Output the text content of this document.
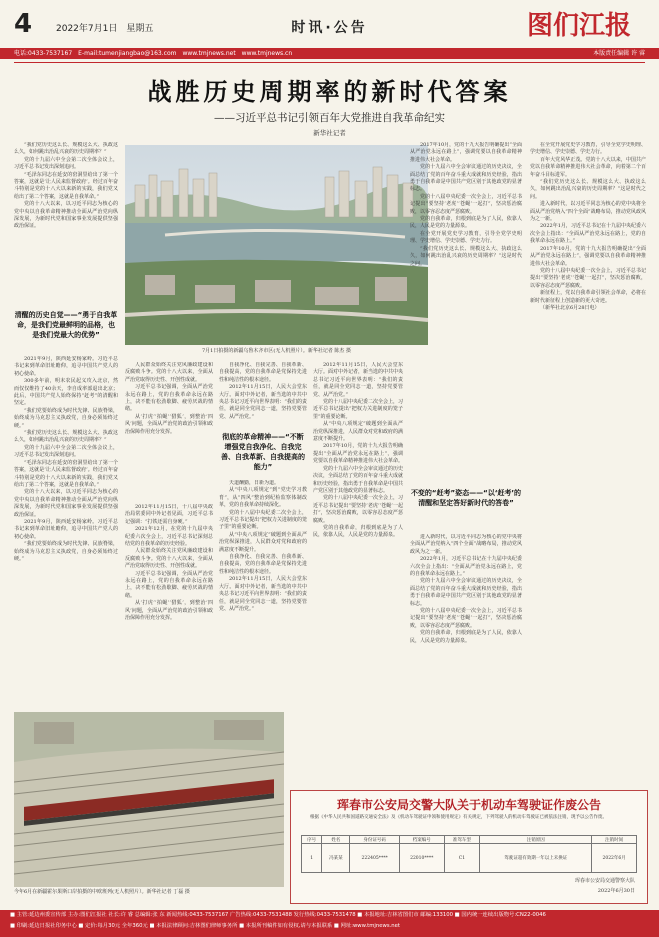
4	2022年7月1日　星期五	时讯·公告	图们江报
电话:0433-7537167　E-mail:tumenjiangbao@163.com　www.tmjnews.net　www.tmjnews.cn	本版责任编辑 许 睿
战胜历史周期率的新时代答案
——习近平总书记引领百年大党推进自我革命纪实
新华社记者

“我们党历史这么长、规模这么大、执政这么久，如何跳出治乱兴衰的历史周期率？”

党的十九届六中全会第二次全体会议上，习近平总书记发出深刻追问。

“毛泽东同志在延安的窑洞里给出了第一个答案，这就是‘让人民来监督政府’。经过百年奋斗特别是党的十八大以来新的实践，我们党又给出了第二个答案，这就是自我革命。”

党的十八大以来，以习近平同志为核心的党中央以自我革命精神推动全面从严治党向纵深发展，为新时代党和国家事业发展提供坚强政治保证。

清醒的历史自觉——“勇于自我革命，是我们党最鲜明的品格，也是我们党最大的优势”

2021年9月，陕西延安杨家岭。习近平总书记来到革命旧址瞻仰，追寻中国共产党人的初心使命。

300多年前，明末农民起义攻入北京，然而仅仅维持了40余天，李自成率部退出北京；此后，中国共产党人始终保持“赶考”的清醒和坚定。

“我们党要始终成为时代先锋、民族脊梁，始终成为马克思主义执政党，自身必须始终过硬。”

“我们党历史这么长、规模这么大、执政这么久，如何跳出治乱兴衰的历史周期率？”

党的十九届六中全会第二次全体会议上，习近平总书记发出深刻追问。

“毛泽东同志在延安的窑洞里给出了第一个答案，这就是‘让人民来监督政府’。经过百年奋斗特别是党的十八大以来新的实践，我们党又给出了第二个答案，这就是自我革命。”

党的十八大以来，以习近平同志为核心的党中央以自我革命精神推动全面从严治党向纵深发展，为新时代党和国家事业发展提供坚强政治保证。

2021年9月，陕西延安杨家岭。习近平总书记来到革命旧址瞻仰，追寻中国共产党人的初心使命。

“我们党要始终成为时代先锋、民族脊梁，始终成为马克思主义执政党，自身必须始终过硬。”

7月1日拍摄的新疆乌鲁木齐市区(无人机照片）。新华社记者 陈杰 摄

人民群众始终关注党风廉政建设和反腐败斗争。党的十八大以来，全面从严治党取得历史性、开创性成就。

习近平总书记强调，全面从严治党永远在路上，党的自我革命永远在路上，决不能有松劲歇脚、疲劳厌战的情绪。

从‘打虎’‘拍蝇’‘猎狐’，到整治‘四风’问题，全面从严治党的政治引领和政治保障作用充分发挥。

2012年11月15日，十八届中央政治局常委同中外记者见面，习近平总书记强调：“打铁还需自身硬。”

2021年12月，在党的十九届中央纪委六次全会上，习近平总书记深刻总结党的自我革命的历史经验。

人民群众始终关注党风廉政建设和反腐败斗争。党的十八大以来，全面从严治党取得历史性、开创性成就。

习近平总书记强调，全面从严治党永远在路上，党的自我革命永远在路上，决不能有松劲歇脚、疲劳厌战的情绪。

从‘打虎’‘拍蝇’‘猎狐’，到整治‘四风’问题，全面从严治党的政治引领和政治保障作用充分发挥。

自我净化、自我完善、自我革新、自我提高，党的自我革命是党保持先进性和纯洁性的根本途径。

2012年11月15日，人民大会堂东大厅。面对中外记者，新当选的中共中央总书记习近平向世界表明：“我们的责任，就是同全党同志一道，坚持党要管党、从严治党。”

彻底的革命精神——“不断增强党自我净化、自我完善、自我革新、自我提高的能力”

天道酬勤，日新为道。

从“中央八项规定”到“党史学习教育”，从“四风”整治到纪检监察体制改革，党的自我革命持续深化。

党的十八届中央纪委二次全会上，习近平总书记提出“把权力关进制度的笼子里”的重要论断。

从“中央八项规定”破题到全面从严治党纵深推进，人民群众对党和政府的满意度不断提升。

自我净化、自我完善、自我革新、自我提高，党的自我革命是党保持先进性和纯洁性的根本途径。

2012年11月15日，人民大会堂东大厅。面对中外记者，新当选的中共中央总书记习近平向世界表明：“我们的责任，就是同全党同志一道，坚持党要管党、从严治党。”

2012年11月15日，人民大会堂东大厅。面对中外记者，新当选的中共中央总书记习近平向世界表明：“我们的责任，就是同全党同志一道，坚持党要管党、从严治党。”

党的十八届中央纪委二次全会上，习近平总书记提出“把权力关进制度的笼子里”的重要论断。

从“中央八项规定”破题到全面从严治党纵深推进，人民群众对党和政府的满意度不断提升。

2017年10月，党的十九大报告明确提出“全面从严治党永远在路上”，强调党要以自我革命精神推进伟大社会革命。

党的十九届六中全会审议通过的历史决议，全面总结了党的百年奋斗重大成就和历史经验，指出勇于自我革命是中国共产党区别于其他政党的显著标志。

党的十八届中央纪委一次全会上，习近平总书记提出“要坚持‘老虎’‘苍蝇’一起打”，坚决惩治腐败，以零容忍态度严惩腐败。

党的自我革命，归根到底是为了人民，依靠人民，人民是党的力量源泉。

2017年10月，党的十九大报告明确提出“全面从严治党永远在路上”，强调党要以自我革命精神推进伟大社会革命。

党的十九届六中全会审议通过的历史决议，全面总结了党的百年奋斗重大成就和历史经验，指出勇于自我革命是中国共产党区别于其他政党的显著标志。

党的十八届中央纪委一次全会上，习近平总书记提出“要坚持‘老虎’‘苍蝇’一起打”，坚决惩治腐败，以零容忍态度严惩腐败。

党的自我革命，归根到底是为了人民，依靠人民，人民是党的力量源泉。

在全党开展党史学习教育，引导全党学史明理、学史增信、学史崇德、学史力行。

“我们党历史这么长、规模这么大、执政这么久，如何跳出治乱兴衰的历史周期率？”这是时代之问。

不变的“赶考”姿态——“以‘赶考’的清醒和坚定答好新时代的答卷”

进入新时代，以习近平同志为核心的党中央将全面从严治党纳入“四个全面”战略布局，推动党风政风为之一新。

2022年1月，习近平总书记在十九届中央纪委六次全会上指出：“全面从严治党永远在路上，党的自我革命永远在路上。”

党的十九届六中全会审议通过的历史决议，全面总结了党的百年奋斗重大成就和历史经验，指出勇于自我革命是中国共产党区别于其他政党的显著标志。

党的十八届中央纪委一次全会上，习近平总书记提出“要坚持‘老虎’‘苍蝇’一起打”，坚决惩治腐败，以零容忍态度严惩腐败。

党的自我革命，归根到底是为了人民，依靠人民，人民是党的力量源泉。

在全党开展党史学习教育，引导全党学史明理、学史增信、学史崇德、学史力行。

百年大党风华正茂。党的十八大以来，中国共产党以自我革命精神推进伟大社会革命，向着第二个百年奋斗目标进军。

“我们党历史这么长、规模这么大、执政这么久，如何跳出治乱兴衰的历史周期率？”这是时代之问。

进入新时代，以习近平同志为核心的党中央将全面从严治党纳入“四个全面”战略布局，推动党风政风为之一新。

2022年1月，习近平总书记在十九届中央纪委六次全会上指出：“全面从严治党永远在路上，党的自我革命永远在路上。”

2017年10月，党的十九大报告明确提出“全面从严治党永远在路上”，强调党要以自我革命精神推进伟大社会革命。

党的十八届中央纪委一次全会上，习近平总书记提出“要坚持‘老虎’‘苍蝇’一起打”，坚决惩治腐败，以零容忍态度严惩腐败。

新征程上，党以自我革命引领社会革命，必将在新时代新征程上创造新的更大奇迹。

（新华社北京6月28日电）

今年6月在新疆霍尔果斯口岸拍摄的中欧班列(无人机照片）。新华社记者 丁磊 摄
珲春市公安局交警大队关于机动车驾驶证作废公告
根据《中华人民共和国道路交通安全法》及《机动车驾驶证申领和使用规定》有关规定，下列驾驶人的机动车驾驶证已被依法注销，现予以公告作废。
序号	姓名	身份证号码	档案编号	准驾车型	注销原因	注销时间
1	冯某某	222405****	22010****	C1	驾驶证超有效期一年以上未换证	2022年6月
珲春市公安局交通警察大队
2022年6月30日
■ 主管:延边州委宣传部 主办:图们江报社 社长:许 睿 总编辑:张 东 新闻热线:0433-7537167 广告热线:0433-7531488 发行热线:0433-7531478 ■ 本报地址:吉林省图们市 邮编:133100 ■ 国内统一连续出版物号:CN22-0046
■ 印刷:延边日报社印务中心 ■ 定价:每月30元 全年360元 ■ 本报法律顾问:吉林图们律师事务所 ■ 本报所刊稿件如有侵权,请与本报联系 ■ 网址:www.tmjnews.net
